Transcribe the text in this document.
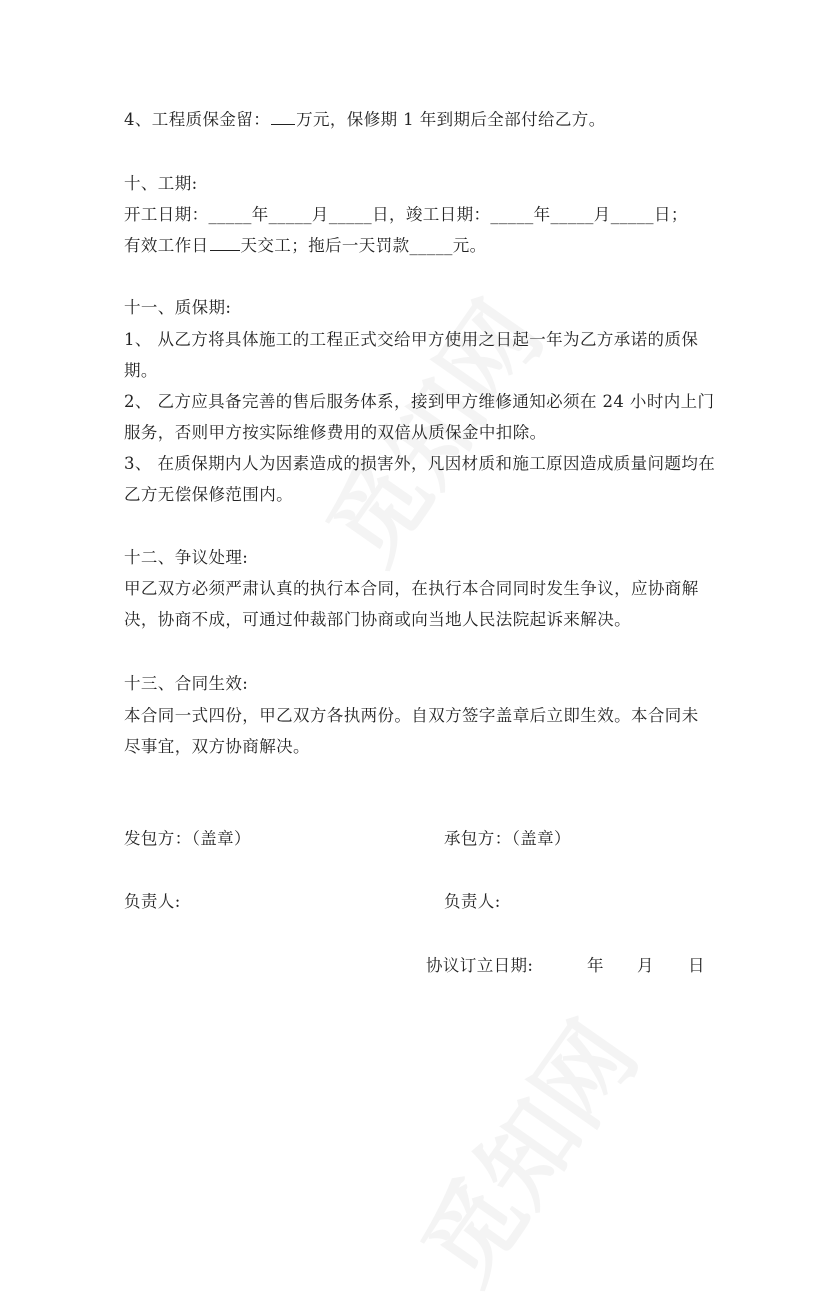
4、工程质保金留： 万元，保修期 1 年到期后全部付给乙方。
十、工期:
开工日期：_____年_____月_____日，竣工日期：_____年_____月_____日；
有效工作日 天交工；拖后一天罚款_____元。
十一、质保期:
1、 从乙方将具体施工的工程正式交给甲方使用之日起一年为乙方承诺的质保
期。
2、 乙方应具备完善的售后服务体系，接到甲方维修通知必须在 24 小时内上门
服务，否则甲方按实际维修费用的双倍从质保金中扣除。
3、 在质保期内人为因素造成的损害外，凡因材质和施工原因造成质量问题均在
乙方无偿保修范围内。
十二、争议处理:
甲乙双方必须严肃认真的执行本合同，在执行本合同同时发生争议，应协商解
决，协商不成，可通过仲裁部门协商或向当地人民法院起诉来解决。
十三、合同生效:
本合同一式四份，甲乙双方各执两份。自双方签字盖章后立即生效。本合同未
尽事宜，双方协商解决。
发包方：（盖章）	承包方：（盖章）
负责人:	负责人:
协议订立日期:	年 月 日
